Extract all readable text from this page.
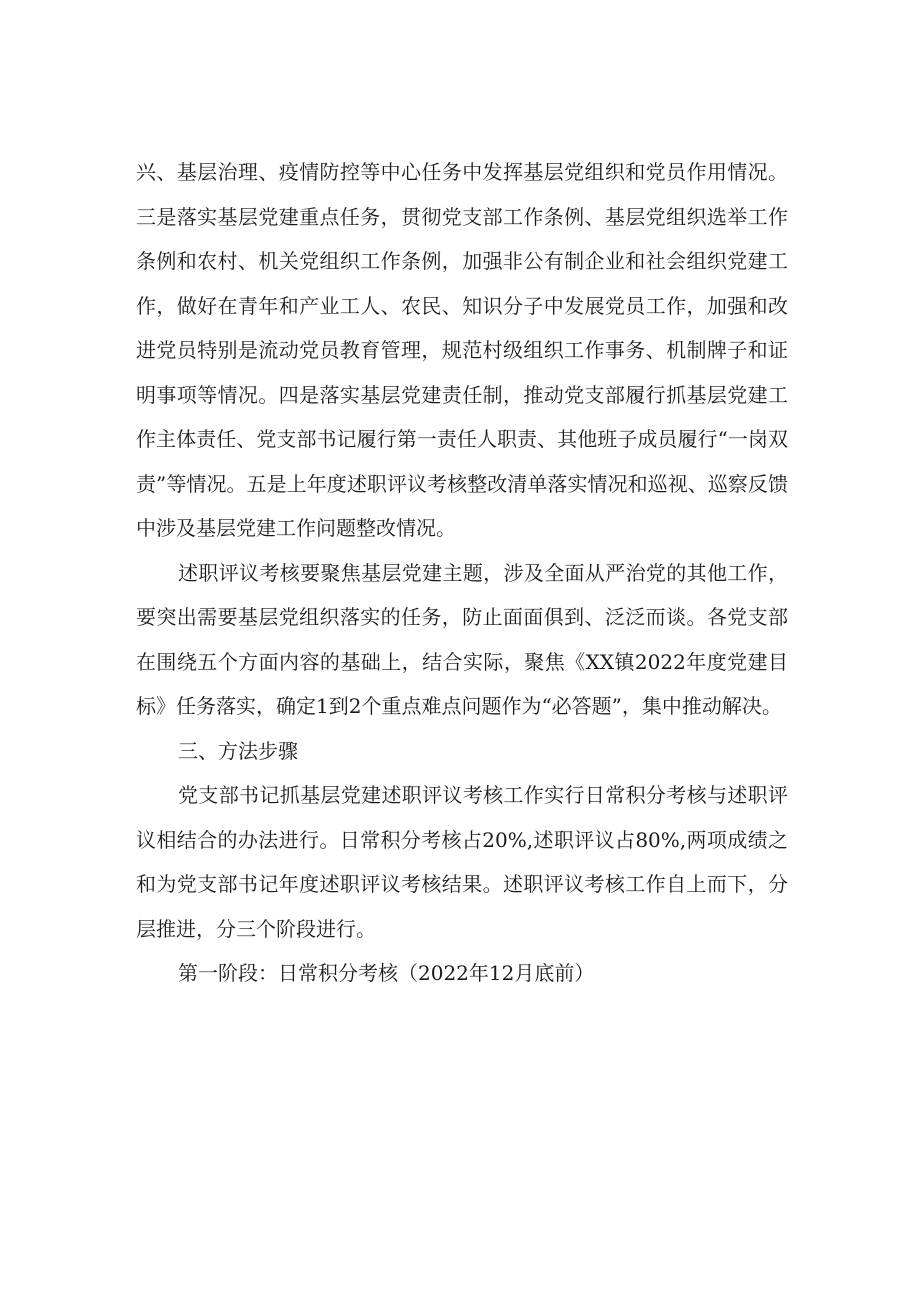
兴、基层治理、疫情防控等中心任务中发挥基层党组织和党员作用情况。三是落实基层党建重点任务，贯彻党支部工作条例、基层党组织选举工作条例和农村、机关党组织工作条例，加强非公有制企业和社会组织党建工作，做好在青年和产业工人、农民、知识分子中发展党员工作，加强和改进党员特别是流动党员教育管理，规范村级组织工作事务、机制牌子和证明事项等情况。四是落实基层党建责任制，推动党支部履行抓基层党建工作主体责任、党支部书记履行第一责任人职责、其他班子成员履行“一岗双责”等情况。五是上年度述职评议考核整改清单落实情况和巡视、巡察反馈中涉及基层党建工作问题整改情况。

述职评议考核要聚焦基层党建主题，涉及全面从严治党的其他工作，要突出需要基层党组织落实的任务，防止面面俱到、泛泛而谈。各党支部在围绕五个方面内容的基础上，结合实际，聚焦《XX镇2022年度党建目标》任务落实，确定1到2个重点难点问题作为“必答题”，集中推动解决。

三、方法步骤

党支部书记抓基层党建述职评议考核工作实行日常积分考核与述职评议相结合的办法进行。日常积分考核占20%,述职评议占80%,两项成绩之和为党支部书记年度述职评议考核结果。述职评议考核工作自上而下，分层推进，分三个阶段进行。

第一阶段：日常积分考核（2022年12月底前）
